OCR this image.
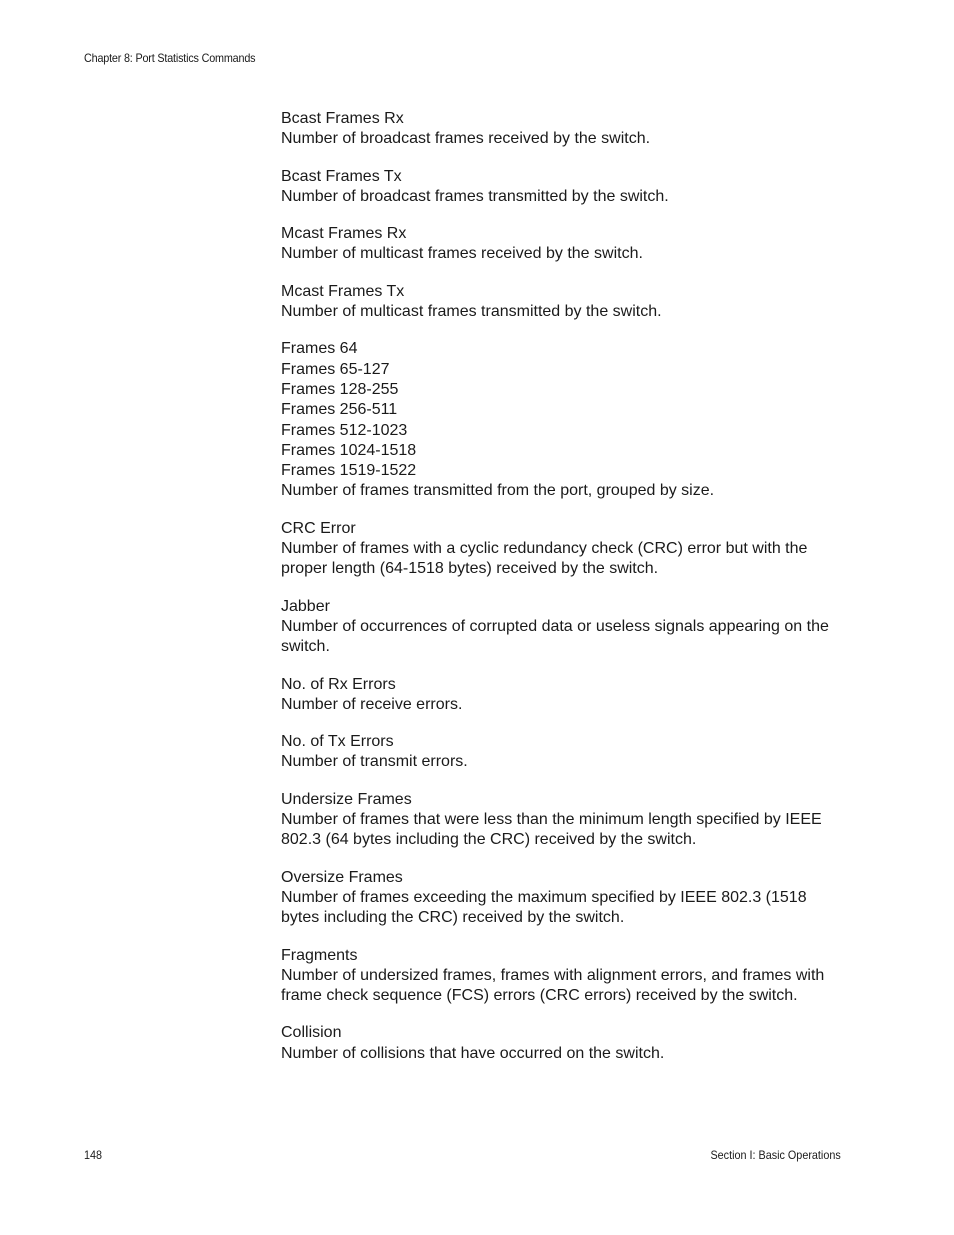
Chapter 8: Port Statistics Commands
Bcast Frames Rx
Number of broadcast frames received by the switch.
Bcast Frames Tx
Number of broadcast frames transmitted by the switch.
Mcast Frames Rx
Number of multicast frames received by the switch.
Mcast Frames Tx
Number of multicast frames transmitted by the switch.
Frames 64
Frames 65-127
Frames 128-255
Frames 256-511
Frames 512-1023
Frames 1024-1518
Frames 1519-1522
Number of frames transmitted from the port, grouped by size.
CRC Error
Number of frames with a cyclic redundancy check (CRC) error but with the proper length (64-1518 bytes) received by the switch.
Jabber
Number of occurrences of corrupted data or useless signals appearing on the switch.
No. of Rx Errors
Number of receive errors.
No. of Tx Errors
Number of transmit errors.
Undersize Frames
Number of frames that were less than the minimum length specified by IEEE 802.3 (64 bytes including the CRC) received by the switch.
Oversize Frames
Number of frames exceeding the maximum specified by IEEE 802.3 (1518 bytes including the CRC) received by the switch.
Fragments
Number of undersized frames, frames with alignment errors, and frames with frame check sequence (FCS) errors (CRC errors) received by the switch.
Collision
Number of collisions that have occurred on the switch.
148	Section I: Basic Operations
